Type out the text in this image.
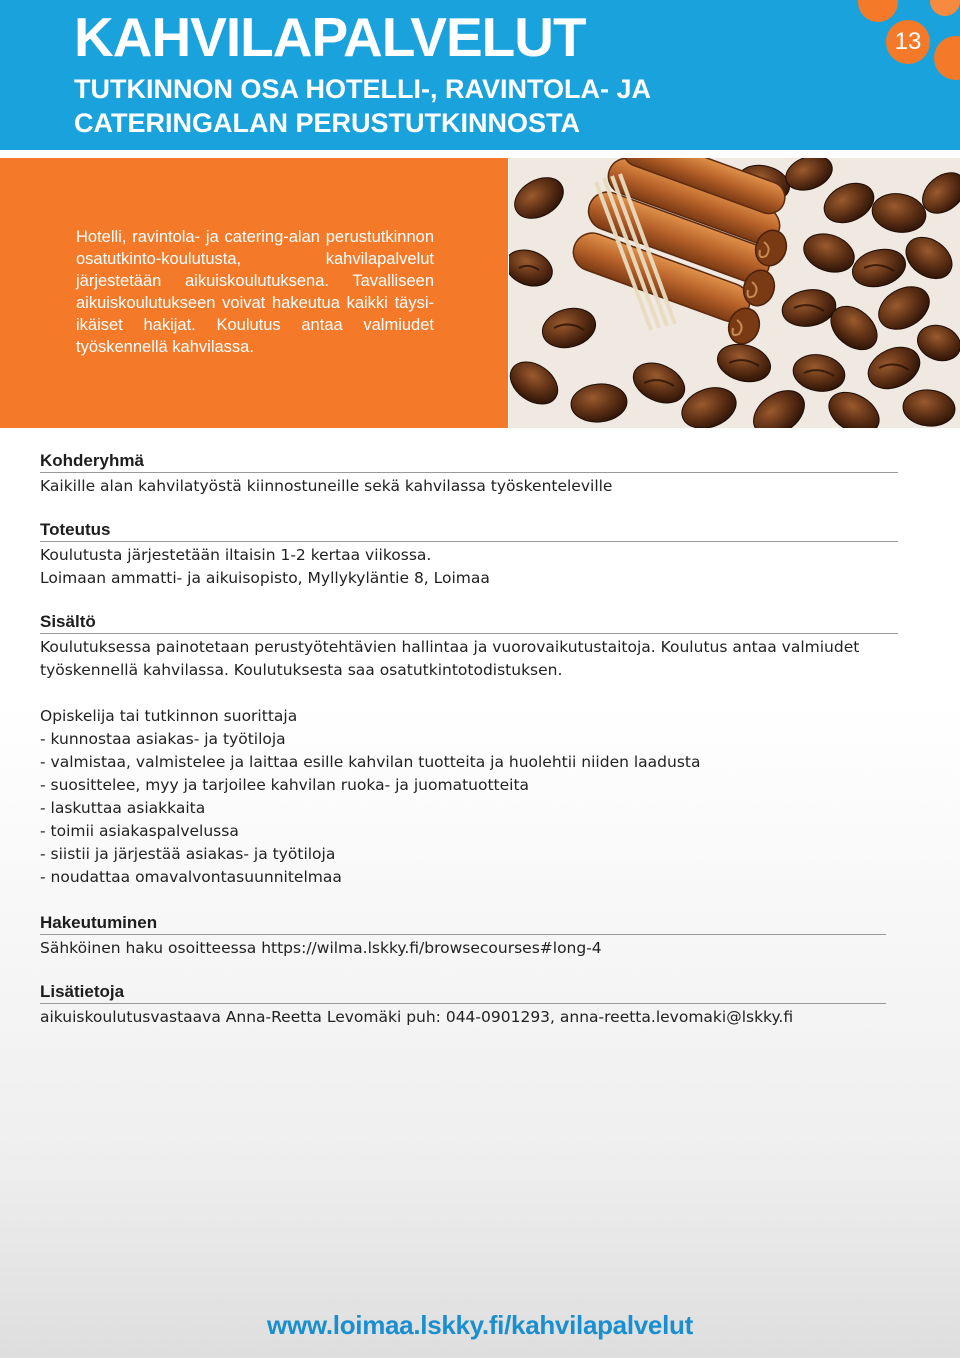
KAHVILAPALVELUT
TUTKINNON OSA HOTELLI-, RAVINTOLA- JA CATERINGALAN PERUSTUTKINNOSTA
13
Hotelli, ravintola- ja catering-alan perustutkinnon osatutkinto-koulutusta, kahvilapalvelut järjestetään aikuiskoulutuksena. Tavalliseen aikuiskoulutukseen voivat hakeutua kaikki täysi-ikäiset hakijat. Koulutus antaa valmiudet työskennellä kahvilassa.
Kohderyhmä
Kaikille alan kahvilatyöstä kiinnostuneille sekä kahvilassa työskenteleville
Toteutus
Koulutusta järjestetään iltaisin 1-2 kertaa viikossa.
Loimaan ammatti- ja aikuisopisto, Myllykyläntie 8, Loimaa
Sisältö
Koulutuksessa painotetaan perustyötehtävien hallintaa ja vuorovaikutustaitoja. Koulutus antaa valmiudet
työskennellä kahvilassa. Koulutuksesta saa osatutkintotodistuksen.
Opiskelija tai tutkinnon suorittaja
- kunnostaa asiakas- ja työtiloja
- valmistaa, valmistelee ja laittaa esille kahvilan tuotteita ja huolehtii niiden laadusta
- suosittelee, myy ja tarjoilee kahvilan ruoka- ja juomatuotteita
- laskuttaa asiakkaita
- toimii asiakaspalvelussa
- siistii ja järjestää asiakas- ja työtiloja
- noudattaa omavalvontasuunnitelmaa
Hakeutuminen
Sähköinen haku osoitteessa https://wilma.lskky.fi/browsecourses#long-4
Lisätietoja
aikuiskoulutusvastaava Anna-Reetta Levomäki puh: 044-0901293, anna-reetta.levomaki@lskky.fi
www.loimaa.lskky.fi/kahvilapalvelut
